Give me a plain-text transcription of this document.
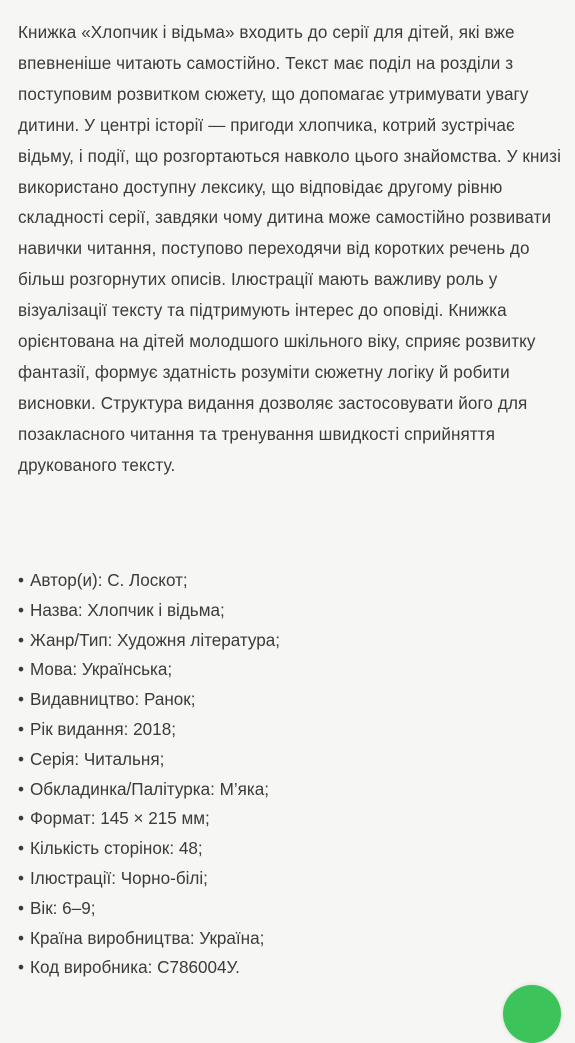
Книжка «Хлопчик і відьма» входить до серії для дітей, які вже впевненіше читають самостійно. Текст має поділ на розділи з поступовим розвитком сюжету, що допомагає утримувати увагу дитини. У центрі історії — пригоди хлопчика, котрий зустрічає відьму, і події, що розгортаються навколо цього знайомства. У книзі використано доступну лексику, що відповідає другому рівню складності серії, завдяки чому дитина може самостійно розвивати навички читання, поступово переходячи від коротких речень до більш розгорнутих описів. Ілюстрації мають важливу роль у візуалізації тексту та підтримують інтерес до оповіді. Книжка орієнтована на дітей молодшого шкільного віку, сприяє розвитку фантазії, формує здатність розуміти сюжетну логіку й робити висновки. Структура видання дозволяє застосовувати його для позакласного читання та тренування швидкості сприйняття друкованого тексту.

• Автор(и): С. Лоскот;
• Назва: Хлопчик і відьма;
• Жанр/Тип: Художня література;
• Мова: Українська;
• Видавництво: Ранок;
• Рік видання: 2018;
• Серія: Читальня;
• Обкладинка/Палітурка: М’яка;
• Формат: 145 × 215 мм;
• Кількість сторінок: 48;
• Ілюстрації: Чорно-білі;
• Вік: 6–9;
• Країна виробництва: Україна;
• Код виробника: С786004У.
